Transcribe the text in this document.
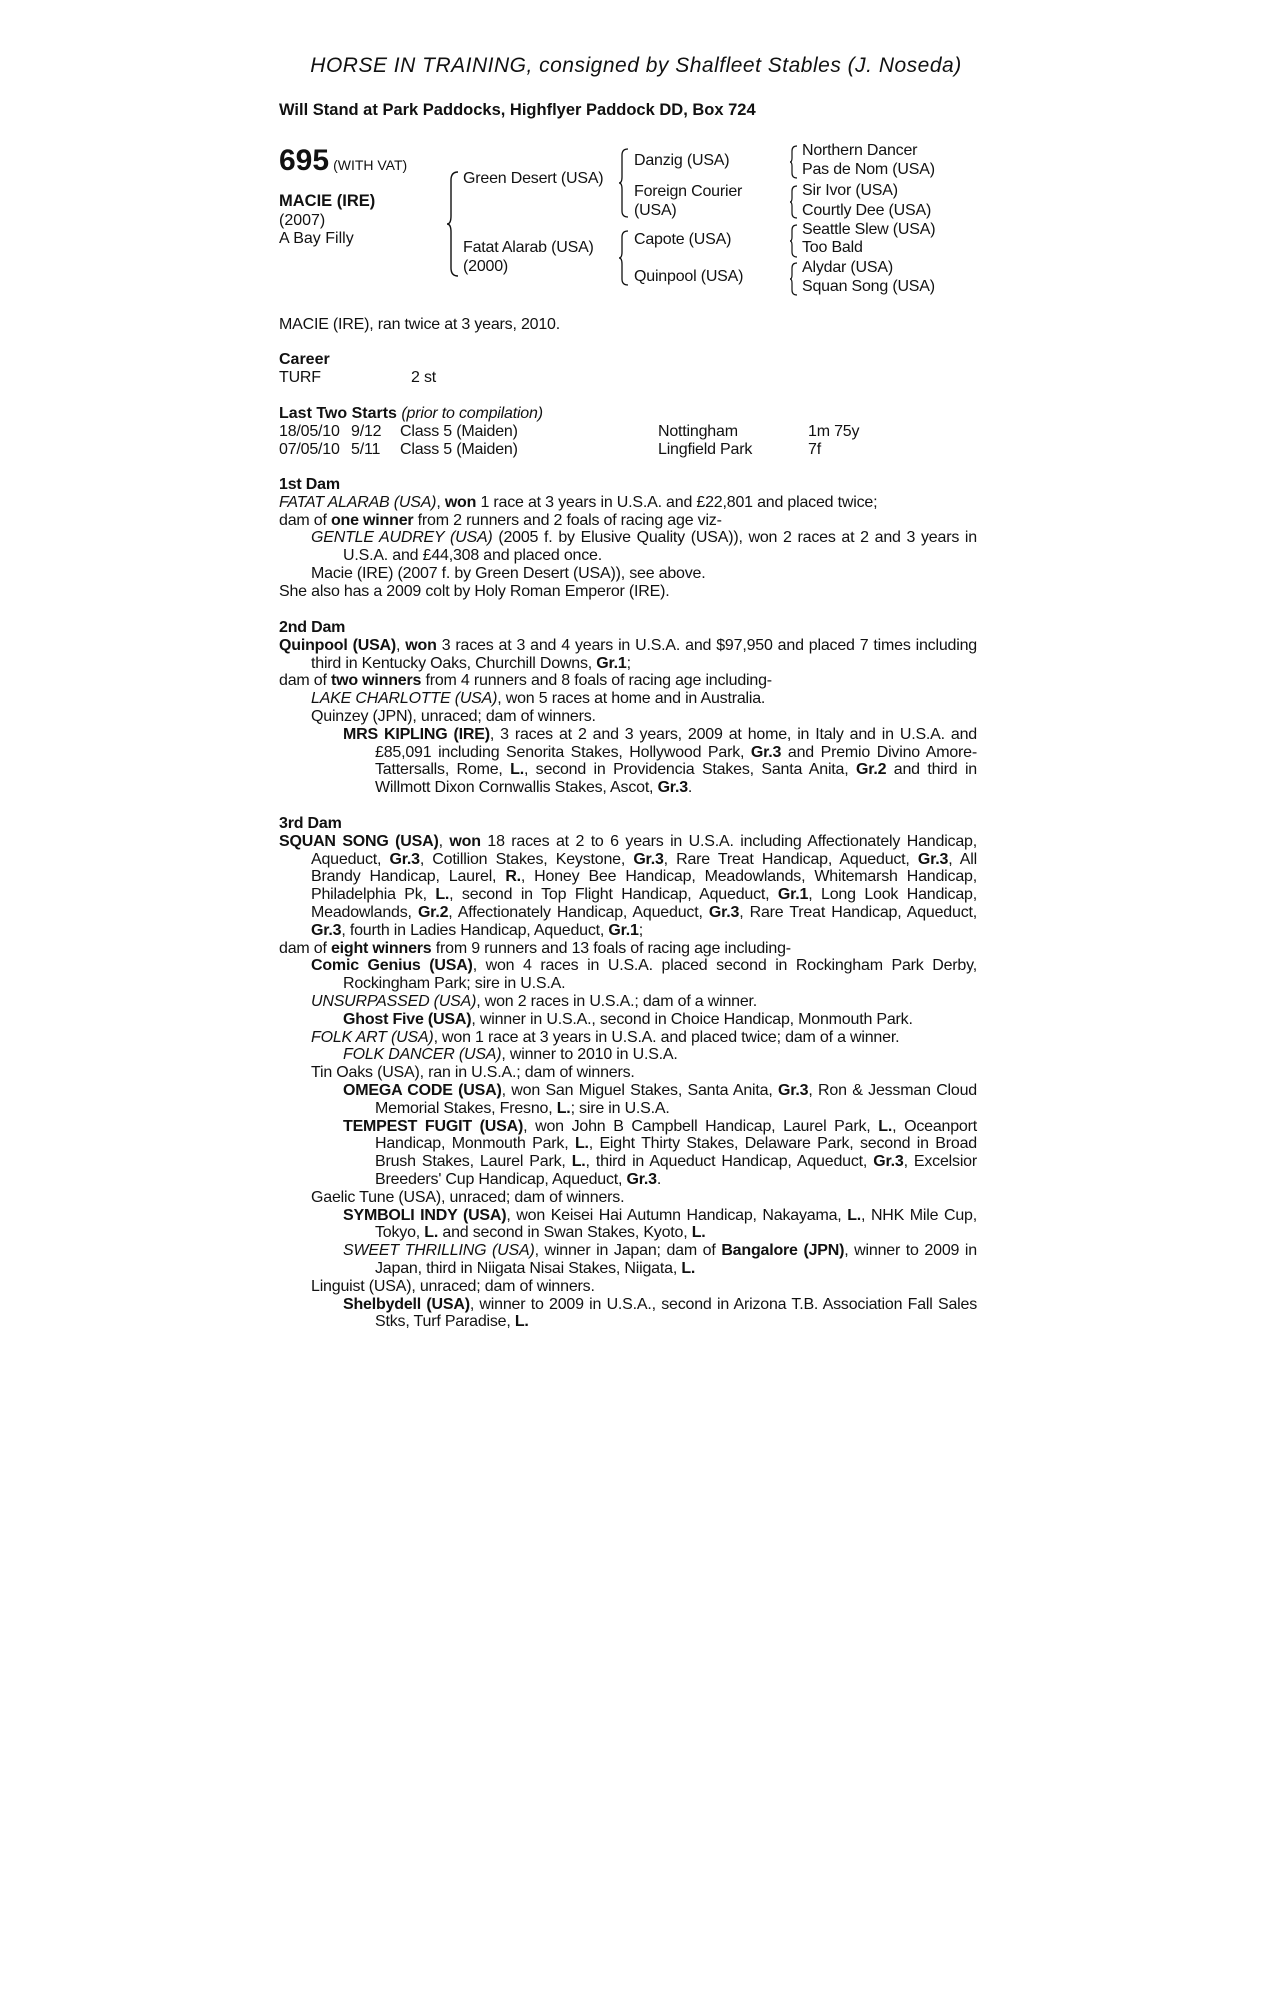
HORSE IN TRAINING, consigned by Shalfleet Stables (J. Noseda)
Will Stand at Park Paddocks, Highflyer Paddock DD, Box 724
695 (WITH VAT)
MACIE (IRE)
(2007)
A Bay Filly
Green Desert (USA)
Fatat Alarab (USA)
(2000)
Danzig (USA)
Foreign Courier
(USA)
Capote (USA)
Quinpool (USA)
Northern Dancer
Pas de Nom (USA)
Sir Ivor (USA)
Courtly Dee (USA)
Seattle Slew (USA)
Too Bald
Alydar (USA)
Squan Song (USA)
MACIE (IRE), ran twice at 3 years, 2010.
Career
TURF	2 st
Last Two Starts (prior to compilation)
18/05/10 9/12 Class 5 (Maiden)	Nottingham	1m 75y
07/05/10 5/11 Class 5 (Maiden)	Lingfield Park	7f

1st Dam

FATAT ALARAB (USA), won 1 race at 3 years in U.S.A. and £22,801 and placed twice;

dam of one winner from 2 runners and 2 foals of racing age viz-

GENTLE AUDREY (USA) (2005 f. by Elusive Quality (USA)), won 2 races at 2 and 3 years in U.S.A. and £44,308 and placed once.

Macie (IRE) (2007 f. by Green Desert (USA)), see above.

She also has a 2009 colt by Holy Roman Emperor (IRE).

2nd Dam

Quinpool (USA), won 3 races at 3 and 4 years in U.S.A. and $97,950 and placed 7 times including third in Kentucky Oaks, Churchill Downs, Gr.1;

dam of two winners from 4 runners and 8 foals of racing age including-

LAKE CHARLOTTE (USA), won 5 races at home and in Australia.

Quinzey (JPN), unraced; dam of winners.

MRS KIPLING (IRE), 3 races at 2 and 3 years, 2009 at home, in Italy and in U.S.A. and £85,091 including Senorita Stakes, Hollywood Park, Gr.3 and Premio Divino Amore-Tattersalls, Rome, L., second in Providencia Stakes, Santa Anita, Gr.2 and third in Willmott Dixon Cornwallis Stakes, Ascot, Gr.3.

3rd Dam

SQUAN SONG (USA), won 18 races at 2 to 6 years in U.S.A. including Affectionately Handicap, Aqueduct, Gr.3, Cotillion Stakes, Keystone, Gr.3, Rare Treat Handicap, Aqueduct, Gr.3, All Brandy Handicap, Laurel, R., Honey Bee Handicap, Meadowlands, Whitemarsh Handicap, Philadelphia Pk, L., second in Top Flight Handicap, Aqueduct, Gr.1, Long Look Handicap, Meadowlands, Gr.2, Affectionately Handicap, Aqueduct, Gr.3, Rare Treat Handicap, Aqueduct, Gr.3, fourth in Ladies Handicap, Aqueduct, Gr.1;

dam of eight winners from 9 runners and 13 foals of racing age including-

Comic Genius (USA), won 4 races in U.S.A. placed second in Rockingham Park Derby, Rockingham Park; sire in U.S.A.

UNSURPASSED (USA), won 2 races in U.S.A.; dam of a winner.

Ghost Five (USA), winner in U.S.A., second in Choice Handicap, Monmouth Park.

FOLK ART (USA), won 1 race at 3 years in U.S.A. and placed twice; dam of a winner.

FOLK DANCER (USA), winner to 2010 in U.S.A.

Tin Oaks (USA), ran in U.S.A.; dam of winners.

OMEGA CODE (USA), won San Miguel Stakes, Santa Anita, Gr.3, Ron & Jessman Cloud Memorial Stakes, Fresno, L.; sire in U.S.A.

TEMPEST FUGIT (USA), won John B Campbell Handicap, Laurel Park, L., Oceanport Handicap, Monmouth Park, L., Eight Thirty Stakes, Delaware Park, second in Broad Brush Stakes, Laurel Park, L., third in Aqueduct Handicap, Aqueduct, Gr.3, Excelsior Breeders' Cup Handicap, Aqueduct, Gr.3.

Gaelic Tune (USA), unraced; dam of winners.

SYMBOLI INDY (USA), won Keisei Hai Autumn Handicap, Nakayama, L., NHK Mile Cup, Tokyo, L. and second in Swan Stakes, Kyoto, L.

SWEET THRILLING (USA), winner in Japan; dam of Bangalore (JPN), winner to 2009 in Japan, third in Niigata Nisai Stakes, Niigata, L.

Linguist (USA), unraced; dam of winners.

Shelbydell (USA), winner to 2009 in U.S.A., second in Arizona T.B. Association Fall Sales Stks, Turf Paradise, L.
